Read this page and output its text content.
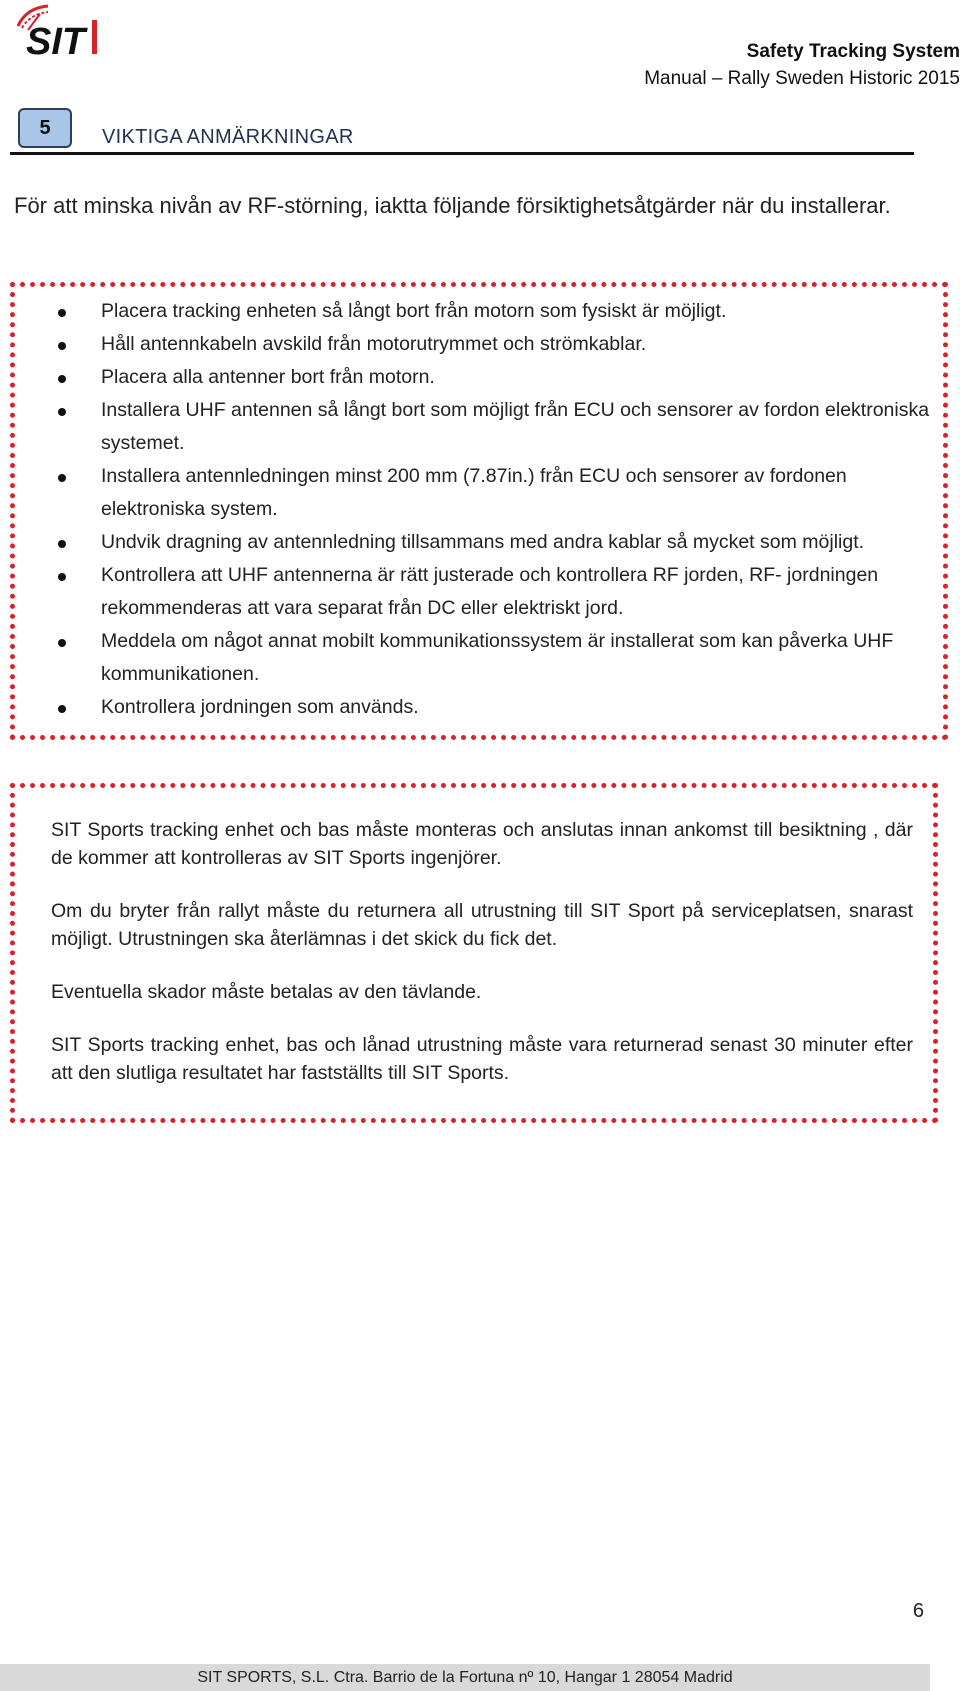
SIT	Safety Tracking System
Manual – Rally Sweden Historic 2015
5	VIKTIGA ANMÄRKNINGAR
För att minska nivån av RF-störning, iaktta följande försiktighetsåtgärder när du installerar.
Placera tracking enheten så långt bort från motorn som fysiskt är möjligt.
Håll antennkabeln avskild från motorutrymmet och strömkablar.
Placera alla antenner bort från motorn.
Installera UHF antennen så långt bort som möjligt från ECU och sensorer av fordon elektroniska systemet.
Installera antennledningen minst 200 mm (7.87in.) från ECU och sensorer av fordonen elektroniska system.
Undvik dragning av antennledning tillsammans med andra kablar så mycket som möjligt.
Kontrollera att UHF antennerna är rätt justerade och kontrollera RF jorden, RF- jordningen rekommenderas att vara separat från DC eller elektriskt jord.
Meddela om något annat mobilt kommunikationssystem är installerat som kan påverka UHF kommunikationen.
Kontrollera jordningen som används.

SIT Sports tracking enhet och bas måste monteras och anslutas innan ankomst till besiktning , där de kommer att kontrolleras av SIT Sports ingenjörer.

Om du bryter från rallyt måste du returnera all utrustning till SIT Sport på serviceplatsen, snarast möjligt. Utrustningen ska återlämnas i det skick du fick det.

Eventuella skador måste betalas av den tävlande.

SIT Sports tracking enhet, bas och lånad utrustning måste vara returnerad senast 30 minuter efter att den slutliga resultatet har fastställts till SIT Sports.

6
SIT SPORTS, S.L. Ctra. Barrio de la Fortuna nº 10, Hangar 1 28054 Madrid
